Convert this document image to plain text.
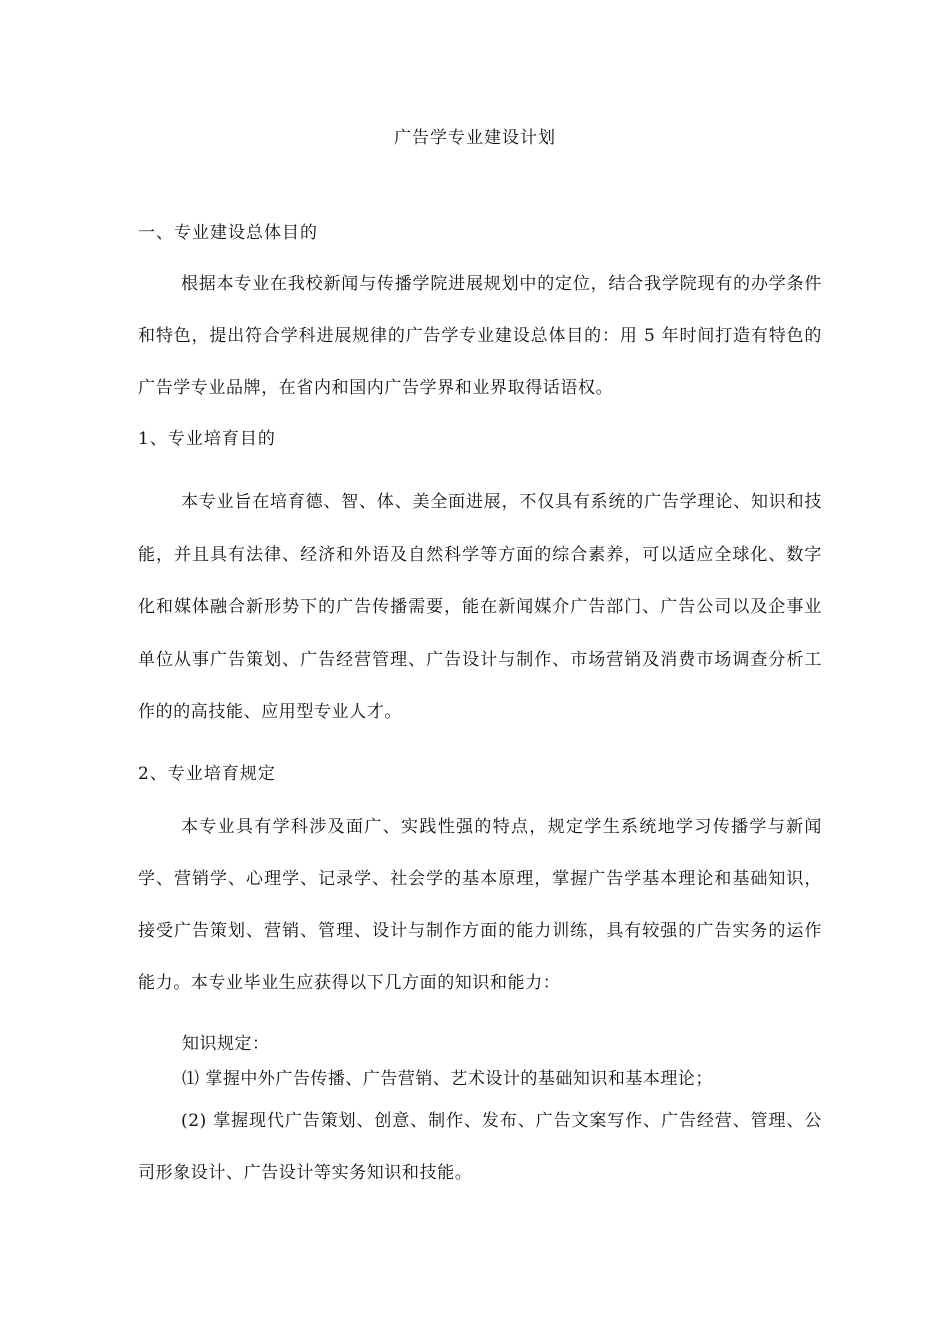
广告学专业建设计划
一、专业建设总体目的
根据本专业在我校新闻与传播学院进展规划中的定位，结合我学院现有的办学条件和特色，提出符合学科进展规律的广告学专业建设总体目的：用 5 年时间打造有特色的广告学专业品牌，在省内和国内广告学界和业界取得话语权。
1、专业培育目的
本专业旨在培育德、智、体、美全面进展，不仅具有系统的广告学理论、知识和技能，并且具有法律、经济和外语及自然科学等方面的综合素养，可以适应全球化、数字化和媒体融合新形势下的广告传播需要，能在新闻媒介广告部门、广告公司以及企事业单位从事广告策划、广告经营管理、广告设计与制作、市场营销及消费市场调查分析工作的的高技能、应用型专业人才。
2、专业培育规定
本专业具有学科涉及面广、实践性强的特点，规定学生系统地学习传播学与新闻学、营销学、心理学、记录学、社会学的基本原理，掌握广告学基本理论和基础知识，接受广告策划、营销、管理、设计与制作方面的能力训练，具有较强的广告实务的运作能力。本专业毕业生应获得以下几方面的知识和能力：
知识规定：
⑴ 掌握中外广告传播、广告营销、艺术设计的基础知识和基本理论；
(2) 掌握现代广告策划、创意、制作、发布、广告文案写作、广告经营、管理、公司形象设计、广告设计等实务知识和技能。
